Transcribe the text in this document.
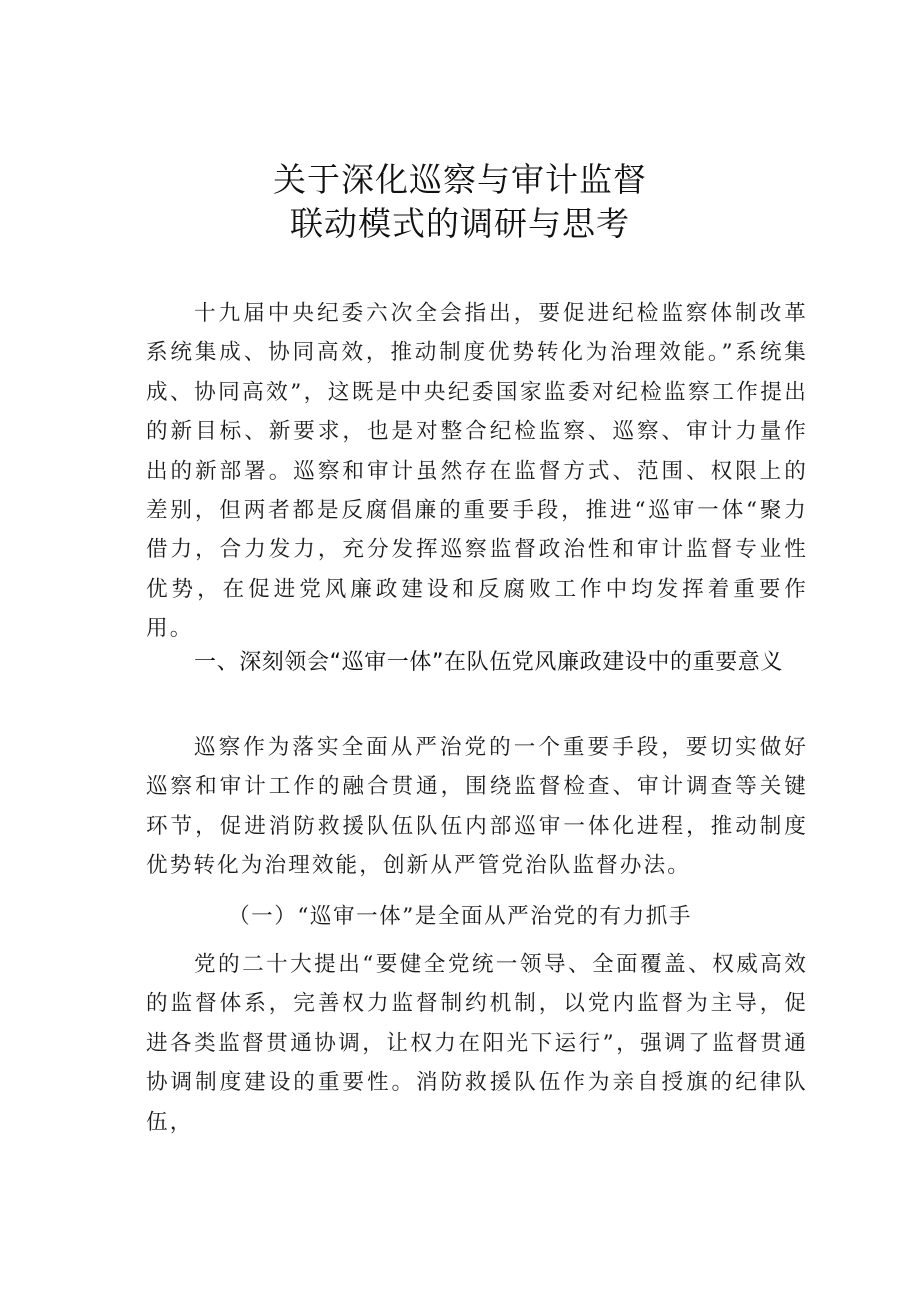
关于深化巡察与审计监督
联动模式的调研与思考

十九届中央纪委六次全会指出，要促进纪检监察体制改革系统集成、协同高效，推动制度优势转化为治理效能。”系统集成、协同高效”，这既是中央纪委国家监委对纪检监察工作提出的新目标、新要求，也是对整合纪检监察、巡察、审计力量作出的新部署。巡察和审计虽然存在监督方式、范围、权限上的差别，但两者都是反腐倡廉的重要手段，推进“巡审一体“聚力借力，合力发力，充分发挥巡察监督政治性和审计监督专业性优势，在促进党风廉政建设和反腐败工作中均发挥着重要作用。

一、深刻领会“巡审一体”在队伍党风廉政建设中的重要意义

巡察作为落实全面从严治党的一个重要手段，要切实做好巡察和审计工作的融合贯通，围绕监督检查、审计调查等关键环节，促进消防救援队伍队伍内部巡审一体化进程，推动制度优势转化为治理效能，创新从严管党治队监督办法。

（一）“巡审一体”是全面从严治党的有力抓手

党的二十大提出“要健全党统一领导、全面覆盖、权威高效的监督体系，完善权力监督制约机制，以党内监督为主导，促进各类监督贯通协调，让权力在阳光下运行”，强调了监督贯通协调制度建设的重要性。消防救援队伍作为亲自授旗的纪律队伍，
